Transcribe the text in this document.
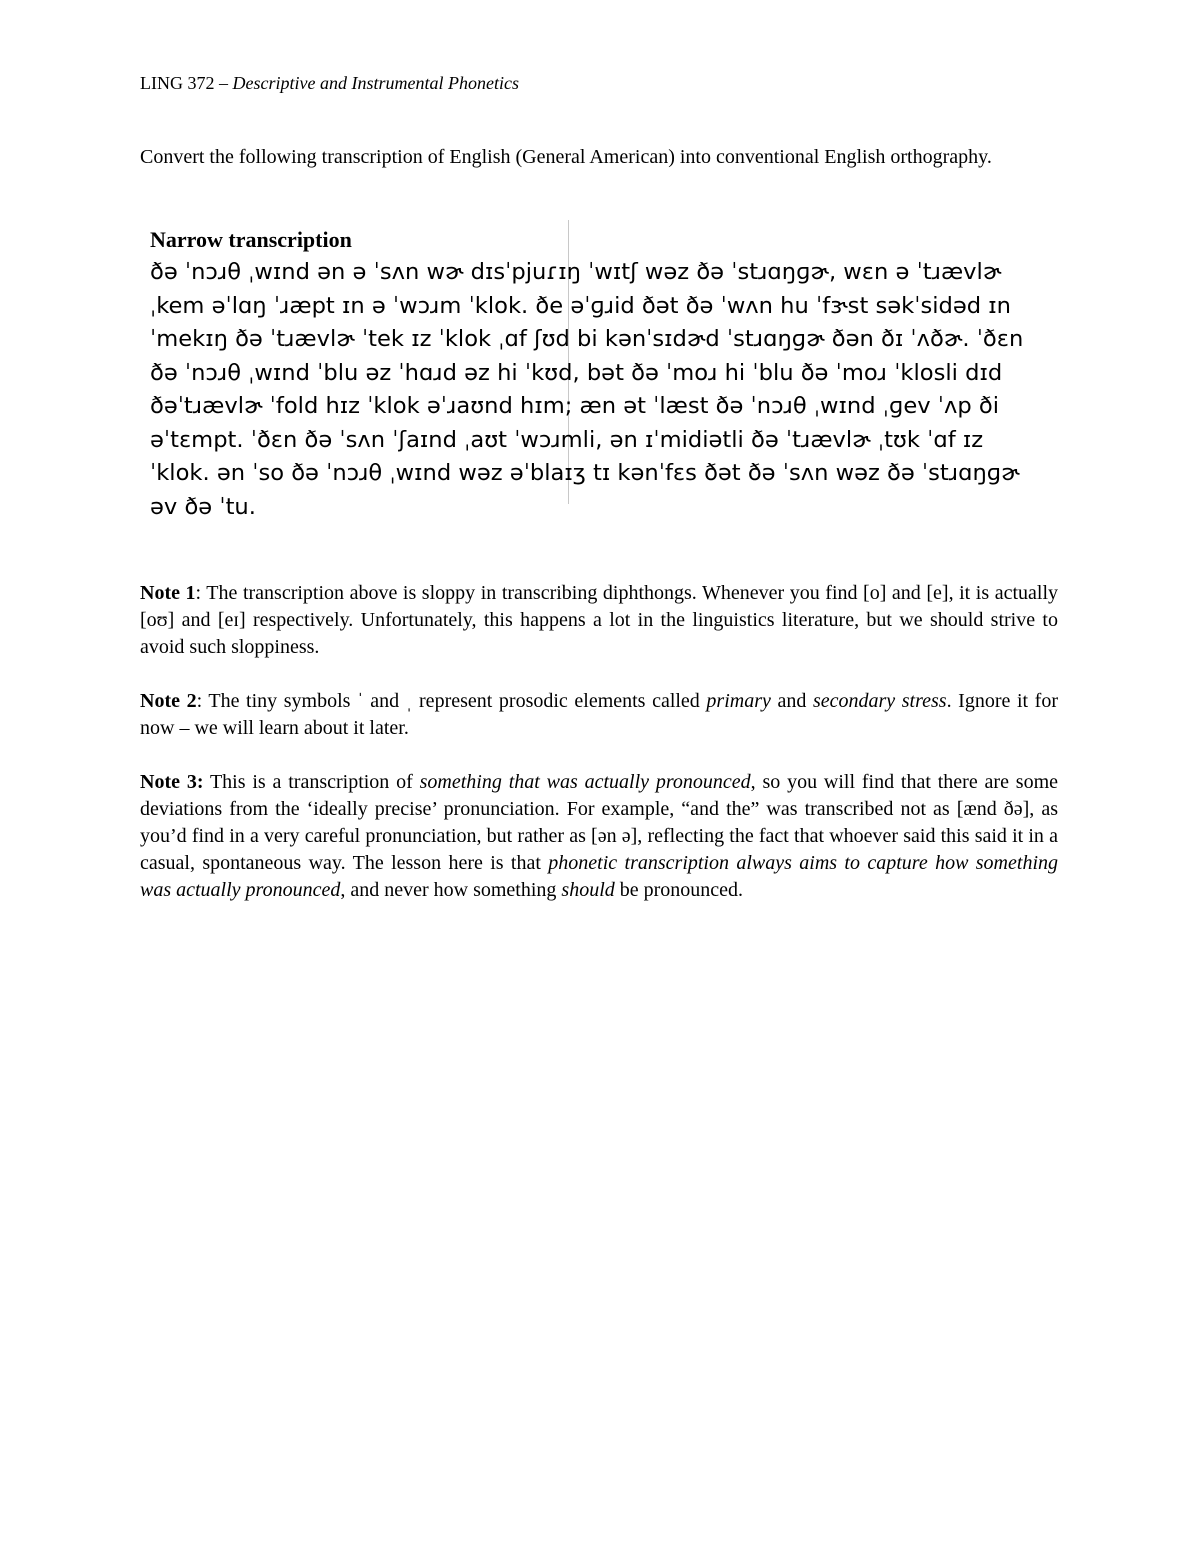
LING 372 – Descriptive and Instrumental Phonetics
Convert the following transcription of English (General American) into conventional English orthography.
Narrow transcription
ðə ˈnɔɹθ ˌwɪnd ən ə ˈsʌn wɚ dɪsˈpjuɾɪŋ ˈwɪtʃ wəz ðə ˈstɹɑŋɡɚ, wɛn ə ˈtɹævlɚ
ˌkem əˈlɑŋ ˈɹæpt ɪn ə ˈwɔɹm ˈklok. ðe əˈɡɹid ðət ðə ˈwʌn hu ˈfɝst səkˈsidəd ɪn
ˈmekɪŋ ðə ˈtɹævlɚ ˈtek ɪz ˈklok ˌɑf ʃʊd bi kənˈsɪdɚd ˈstɹɑŋɡɚ ðən ðɪ ˈʌðɚ. ˈðɛn
ðə ˈnɔɹθ ˌwɪnd ˈblu əz ˈhɑɹd əz hi ˈkʊd, bət ðə ˈmoɹ hi ˈblu ðə ˈmoɹ ˈklosli dɪd
ðəˈtɹævlɚ ˈfold hɪz ˈklok əˈɹaʊnd hɪm; æn ət ˈlæst ðə ˈnɔɹθ ˌwɪnd ˌɡev ˈʌp ði
əˈtɛmpt. ˈðɛn ðə ˈsʌn ˈʃaɪnd ˌaʊt ˈwɔɹmli, ən ɪˈmidiətli ðə ˈtɹævlɚ ˌtʊk ˈɑf ɪz
ˈklok. ən ˈso ðə ˈnɔɹθ ˌwɪnd wəz əˈblaɪʒ tɪ kənˈfɛs ðət ðə ˈsʌn wəz ðə ˈstɹɑŋɡɚ
əv ðə ˈtu.

Note 1: The transcription above is sloppy in transcribing diphthongs. Whenever you find [o] and [e], it is actually [oʊ] and [eɪ] respectively. Unfortunately, this happens a lot in the linguistics literature, but we should strive to avoid such sloppiness.

Note 2: The tiny symbols ˈ and ˌ represent prosodic elements called primary and secondary stress. Ignore it for now – we will learn about it later.

Note 3: This is a transcription of something that was actually pronounced, so you will find that there are some deviations from the ‘ideally precise’ pronunciation. For example, “and the” was transcribed not as [ænd ðə], as you’d find in a very careful pronunciation, but rather as [ən ə], reflecting the fact that whoever said this said it in a casual, spontaneous way. The lesson here is that phonetic transcription always aims to capture how something was actually pronounced, and never how something should be pronounced.
